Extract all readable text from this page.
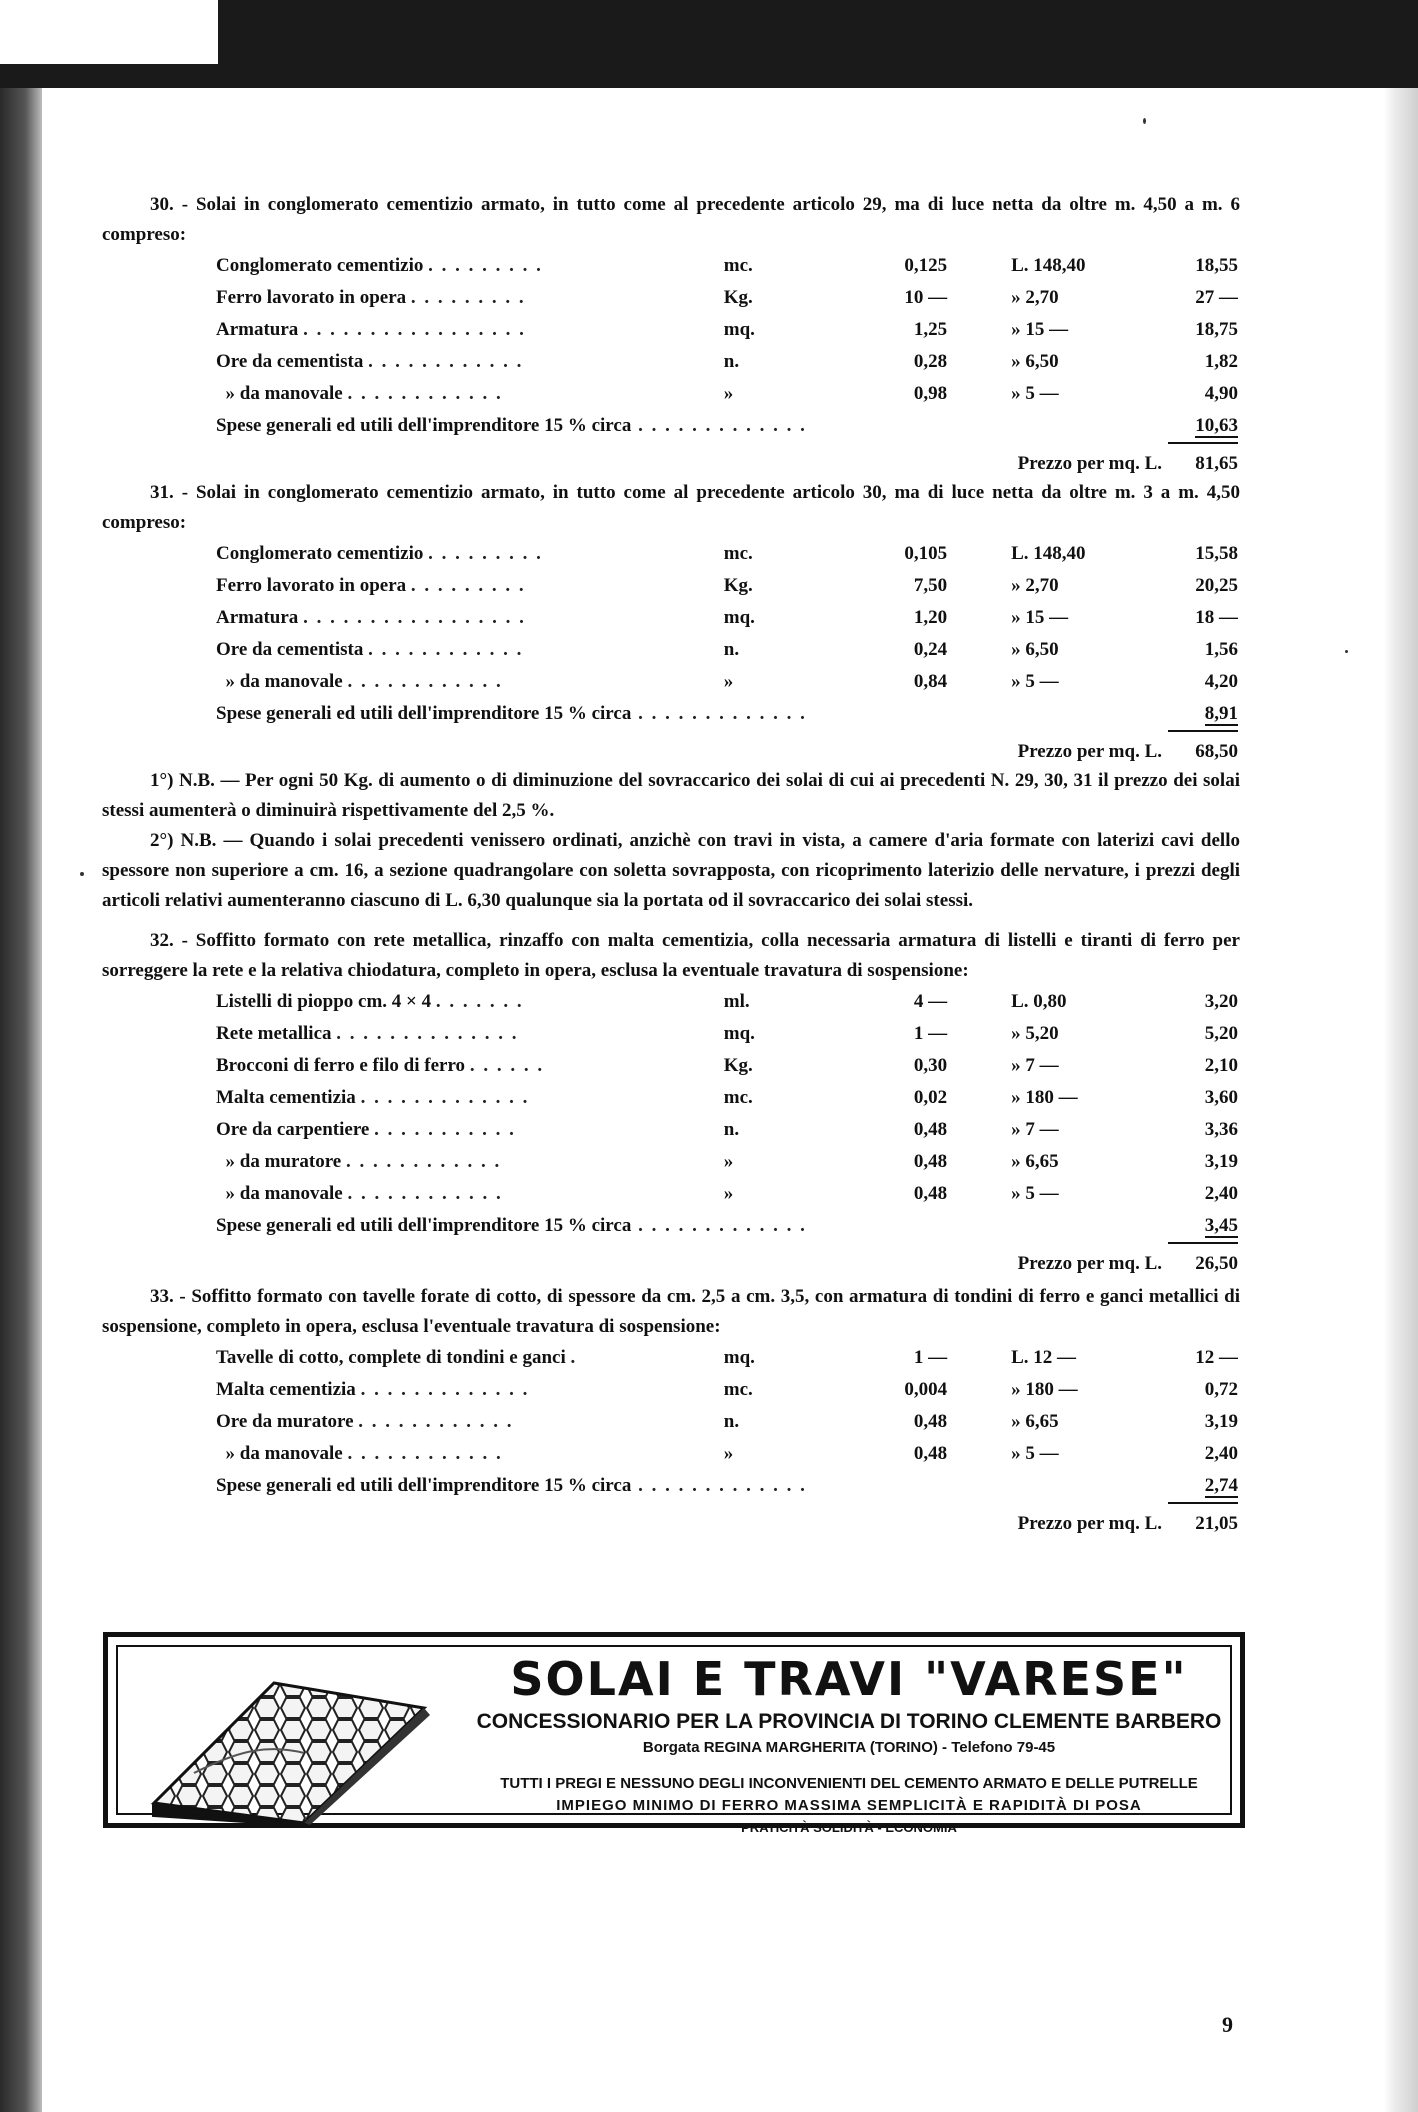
30. - Solai in conglomerato cementizio armato, in tutto come al precedente articolo 29, ma di luce netta da oltre m. 4,50 a m. 6 compreso:

Conglomerato cementizio . . . . . . . . .	mc.	0,125	L. 148,40	18,55
Ferro lavorato in opera . . . . . . . . .	Kg.	10 —	» 2,70	27 —
Armatura . . . . . . . . . . . . . . . . .	mq.	1,25	» 15 —	18,75
Ore da cementista . . . . . . . . . . . .	n.	0,28	» 6,50	1,82
» da manovale . . . . . . . . . . . .	»	0,98	» 5 —	4,90
Spese generali ed utili dell'imprenditore 15 % circa . . . . . . . . . . . . .				10,63
Prezzo per mq. L. 81,65

31. - Solai in conglomerato cementizio armato, in tutto come al precedente articolo 30, ma di luce netta da oltre m. 3 a m. 4,50 compreso:

Conglomerato cementizio . . . . . . . . .	mc.	0,105	L. 148,40	15,58
Ferro lavorato in opera . . . . . . . . .	Kg.	7,50	» 2,70	20,25
Armatura . . . . . . . . . . . . . . . . .	mq.	1,20	» 15 —	18 —
Ore da cementista . . . . . . . . . . . .	n.	0,24	» 6,50	1,56
» da manovale . . . . . . . . . . . .	»	0,84	» 5 —	4,20
Spese generali ed utili dell'imprenditore 15 % circa . . . . . . . . . . . . .				8,91
Prezzo per mq. L. 68,50

1°) N.B. — Per ogni 50 Kg. di aumento o di diminuzione del sovraccarico dei solai di cui ai precedenti N. 29, 30, 31 il prezzo dei solai stessi aumenterà o diminuirà rispettivamente del 2,5 %.

2°) N.B. — Quando i solai precedenti venissero ordinati, anzichè con travi in vista, a camere d'aria formate con laterizi cavi dello spessore non superiore a cm. 16, a sezione quadrangolare con soletta sovrapposta, con ricoprimento laterizio delle nervature, i prezzi degli articoli relativi aumenteranno ciascuno di L. 6,30 qualunque sia la portata od il sovraccarico dei solai stessi.

32. - Soffitto formato con rete metallica, rinzaffo con malta cementizia, colla necessaria armatura di listelli e tiranti di ferro per sorreggere la rete e la relativa chiodatura, completo in opera, esclusa la eventuale travatura di sospensione:

Listelli di pioppo cm. 4 × 4 . . . . . . .	ml.	4 —	L. 0,80	3,20
Rete metallica . . . . . . . . . . . . . .	mq.	1 —	» 5,20	5,20
Brocconi di ferro e filo di ferro . . . . . .	Kg.	0,30	» 7 —	2,10
Malta cementizia . . . . . . . . . . . . .	mc.	0,02	» 180 —	3,60
Ore da carpentiere . . . . . . . . . . .	n.	0,48	» 7 —	3,36
» da muratore . . . . . . . . . . . .	»	0,48	» 6,65	3,19
» da manovale . . . . . . . . . . . .	»	0,48	» 5 —	2,40
Spese generali ed utili dell'imprenditore 15 % circa . . . . . . . . . . . . .				3,45
Prezzo per mq. L. 26,50

33. - Soffitto formato con tavelle forate di cotto, di spessore da cm. 2,5 a cm. 3,5, con armatura di tondini di ferro e ganci metallici di sospensione, completo in opera, esclusa l'eventuale travatura di sospensione:

Tavelle di cotto, complete di tondini e ganci .	mq.	1 —	L. 12 —	12 —
Malta cementizia . . . . . . . . . . . . .	mc.	0,004	» 180 —	0,72
Ore da muratore . . . . . . . . . . . .	n.	0,48	» 6,65	3,19
» da manovale . . . . . . . . . . . .	»	0,48	» 5 —	2,40
Spese generali ed utili dell'imprenditore 15 % circa . . . . . . . . . . . . .				2,74
Prezzo per mq. L. 21,05
SOLAI E TRAVI "VARESE"
CONCESSIONARIO PER LA PROVINCIA DI TORINO CLEMENTE BARBERO
Borgata REGINA MARGHERITA (TORINO) - Telefono 79-45
TUTTI I PREGI E NESSUNO DEGLI INCONVENIENTI DEL CEMENTO ARMATO E DELLE PUTRELLE
IMPIEGO MINIMO DI FERRO MASSIMA SEMPLICITÀ E RAPIDITÀ DI POSA
PRATICITÀ SOLIDITÀ - ECONOMIA
9
